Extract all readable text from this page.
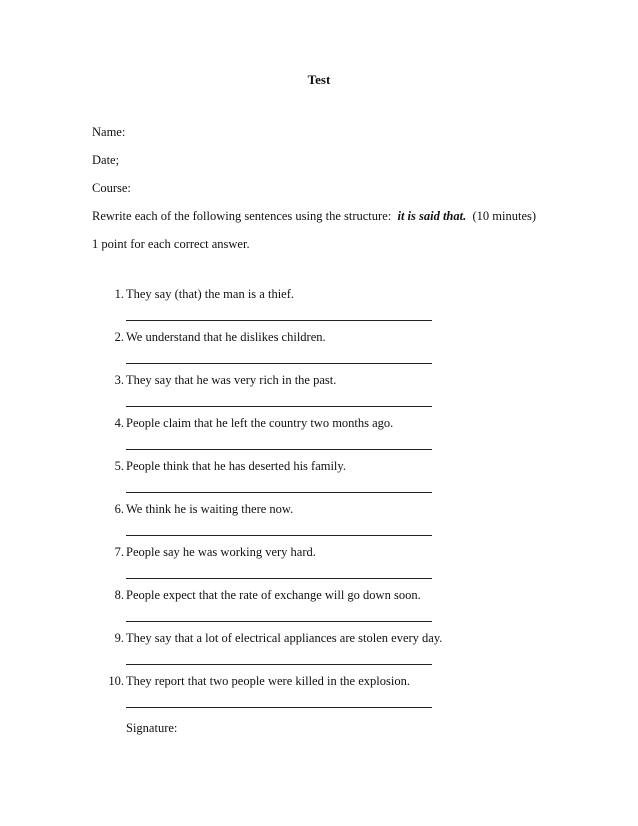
Test
Name:
Date;
Course:
Rewrite each of the following sentences using the structure: it is said that. (10 minutes)
1 point for each correct answer.
1. They say (that) the man is a thief.
2. We understand that he dislikes children.
3. They say that he was very rich in the past.
4. People claim that he left the country two months ago.
5. People think that he has deserted his family.
6. We think he is waiting there now.
7. People say he was working very hard.
8. People expect that the rate of exchange will go down soon.
9. They say that a lot of electrical appliances are stolen every day.
10. They report that two people were killed in the explosion.
Signature:
